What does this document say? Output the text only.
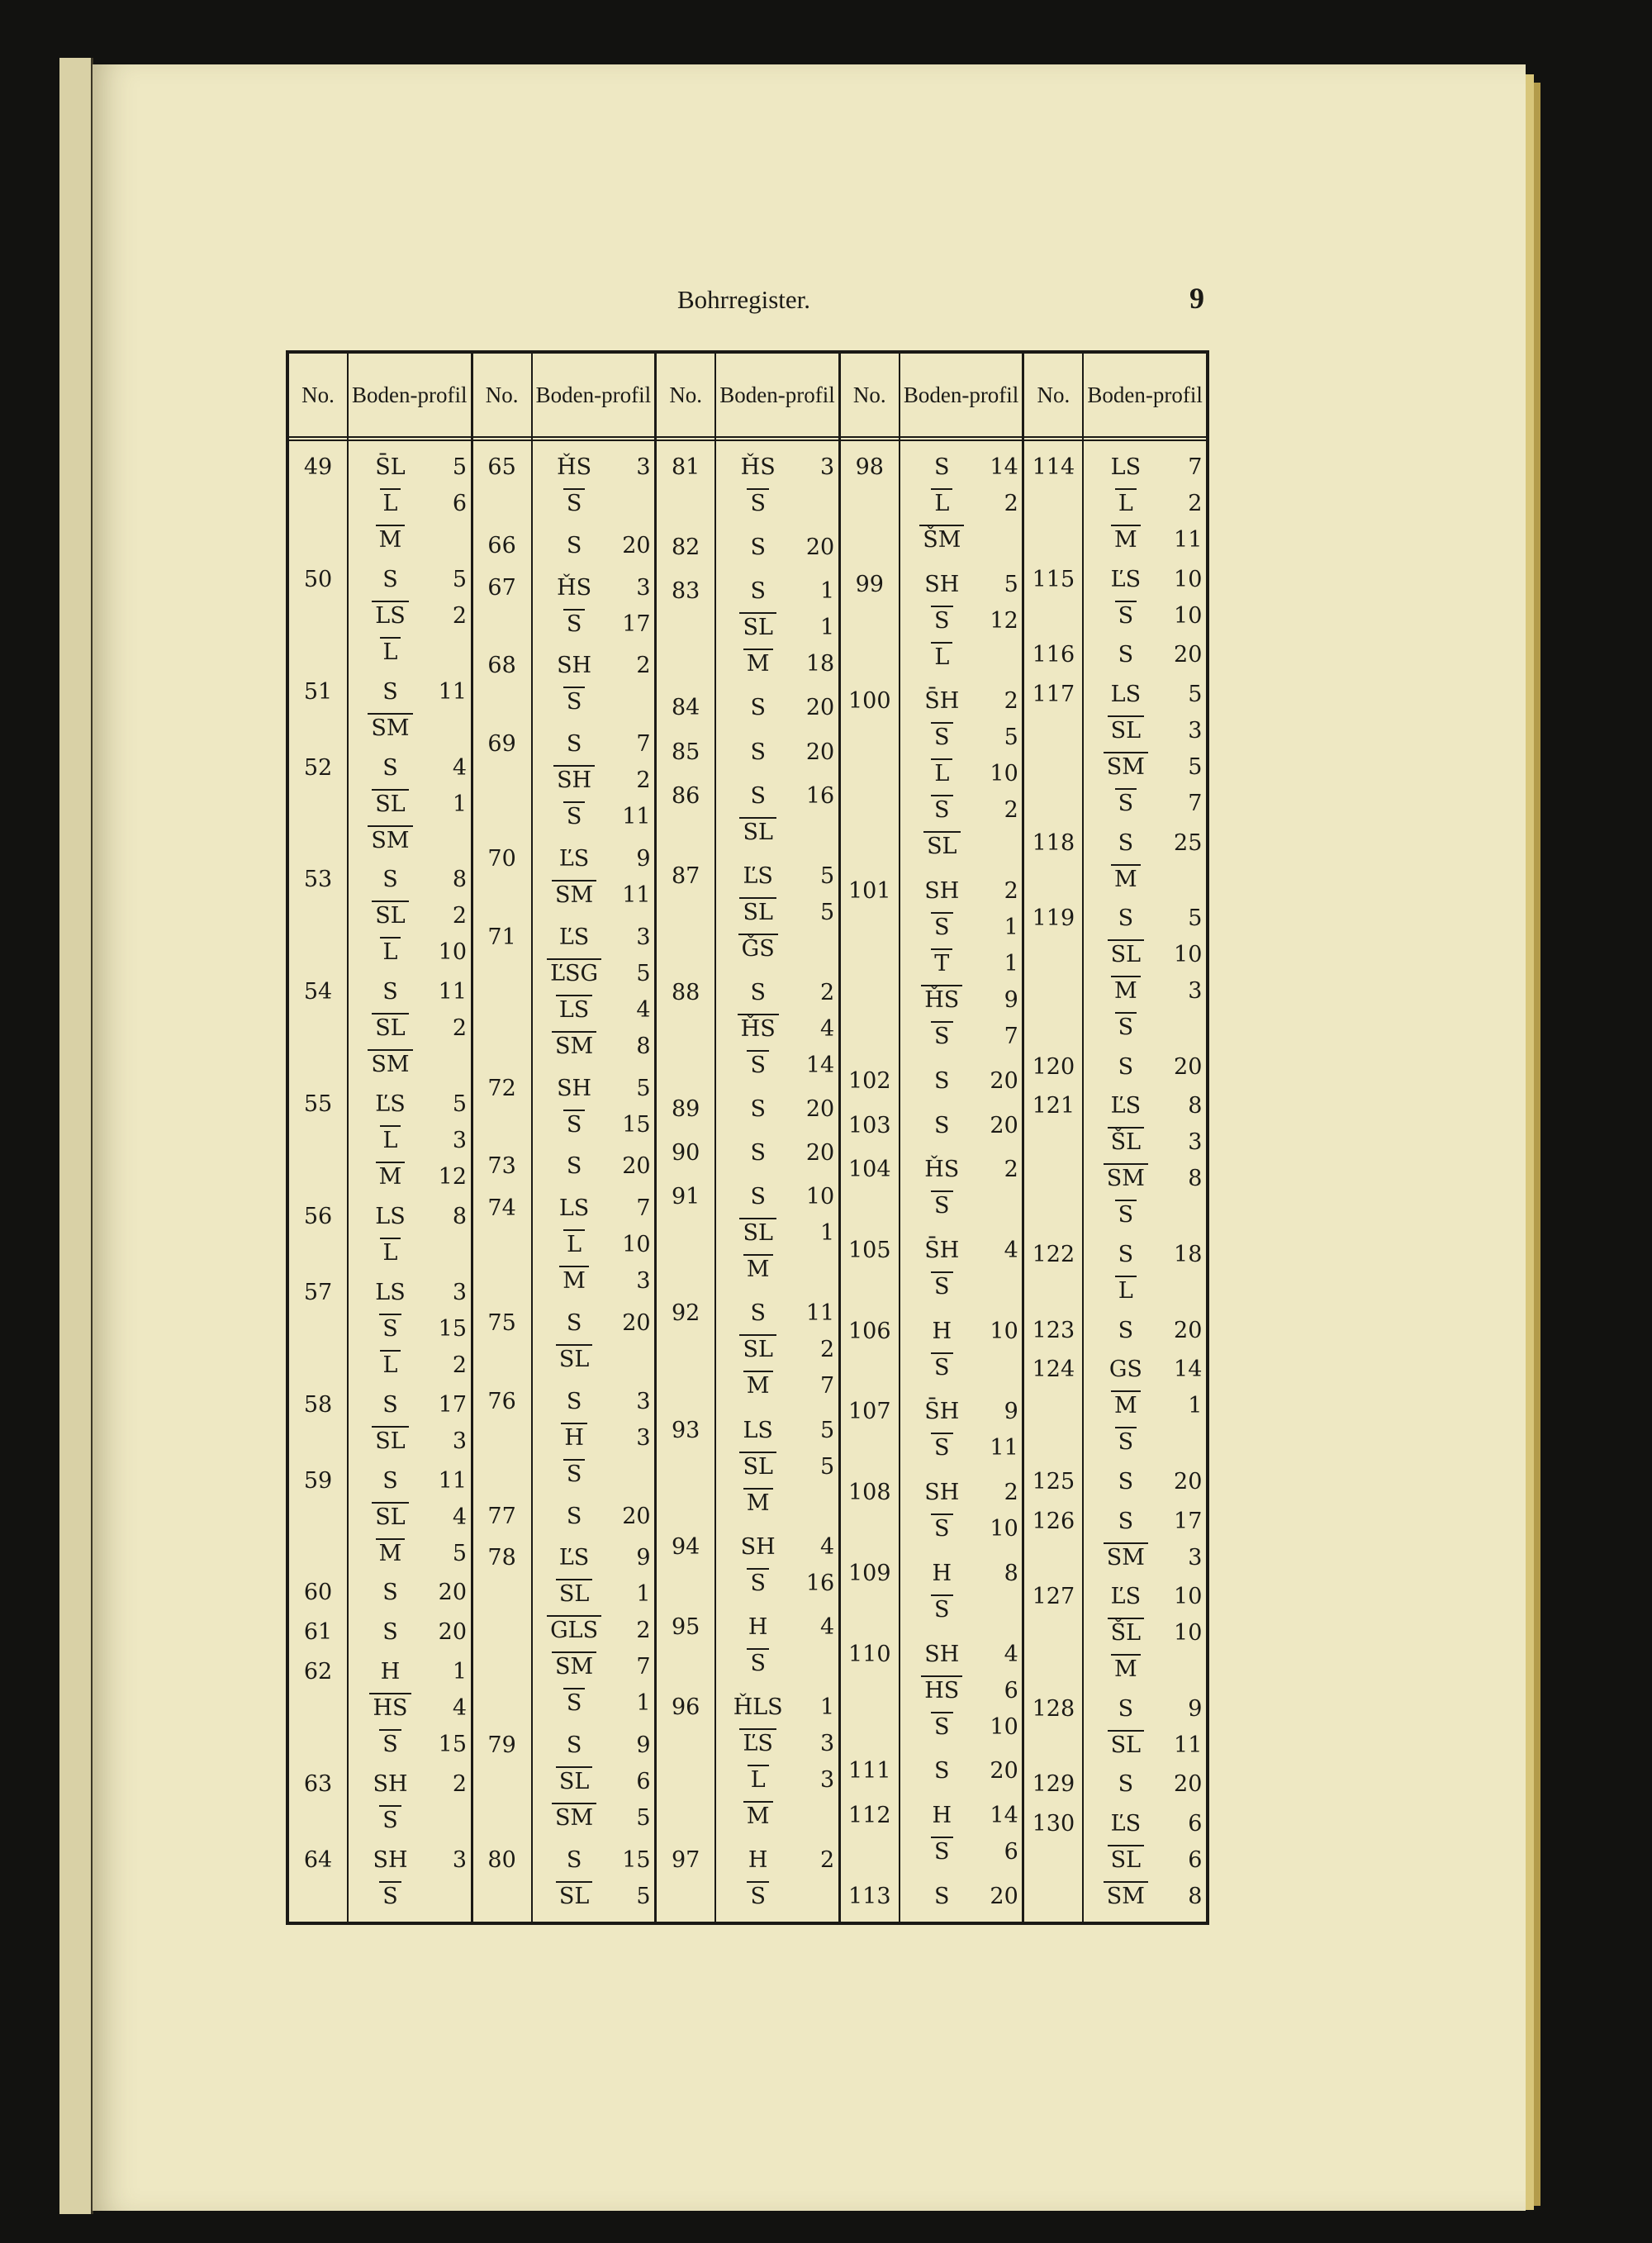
Bohrregister.	9
No. Boden- profil
49	S̄L	5
L	6
M
50	S	5
LS	2
L
51	S	11
SM
52	S	4
SL	1
SM
53	S	8
SL	2
L	10
54	S	11
SL	2
SM
55	ĽS	5
L	3
M	12
56	LS	8
L
57	LS	3
S	15
L	2
58	S	17
SL	3
59	S	11
SL	4
M	5
60	S	20
61	S	20
62	H	1
HS	4
S	15
63	SH	2
S
64	SH	3
S
No. Boden- profil
65	ȞS	3
S
66	S	20
67	ȞS	3
S	17
68	SH	2
S
69	S	7
SH	2
S	11
70	ĽS	9
SM	11
71	ĽS	3
ĽSG	5
LS	4
SM	8
72	SH	5
S	15
73	S	20
74	LS	7
L	10
M	3
75	S	20
SL
76	S	3
H	3
S
77	S	20
78	ĽS	9
SL	1
GLS	2
SM	7
S	1
79	S	9
SL	6
SM	5
80	S	15
SL	5
No. Boden- profil
81	ȞS	3
S
82	S	20
83	S	1
SL	1
M	18
84	S	20
85	S	20
86	S	16
SL
87	ĽS	5
SL	5
ǦS
88	S	2
ȞS	4
S	14
89	S	20
90	S	20
91	S	10
SL	1
M
92	S	11
SL	2
M	7
93	LS	5
SL	5
M
94	SH	4
S	16
95	H	4
S
96	ȞLS	1
ĽS	3
L	3
M
97	H	2
S
No. Boden- profil
98	S	14
L	2
ŠM
99	SH	5
S	12
L
100	S̄H	2
S	5
L	10
S	2
SL
101	SH	2
S	1
T	1
ȞS	9
S	7
102	S	20
103	S	20
104	ȞS	2
S
105	S̄H	4
S
106	H	10
S
107	S̄H	9
S	11
108	SH	2
S	10
109	H	8
S
110	SH	4
HS	6
S	10
111	S	20
112	H	14
S	6
113	S	20
No. Boden- profil
114	LS	7
L	2
M	11
115	ĽS	10
S	10
116	S	20
117	LS	5
SL	3
SM	5
S	7
118	S	25
M
119	S	5
SL	10
M	3
S
120	S	20
121	ĽS	8
ŠL	3
SM	8
S
122	S	18
L
123	S	20
124	GS	14
M	1
S
125	S	20
126	S	17
SM	3
127	ĽS	10
ŠL	10
M
128	S	9
SL	11
129	S	20
130	ĽS	6
SL	6
SM	8
